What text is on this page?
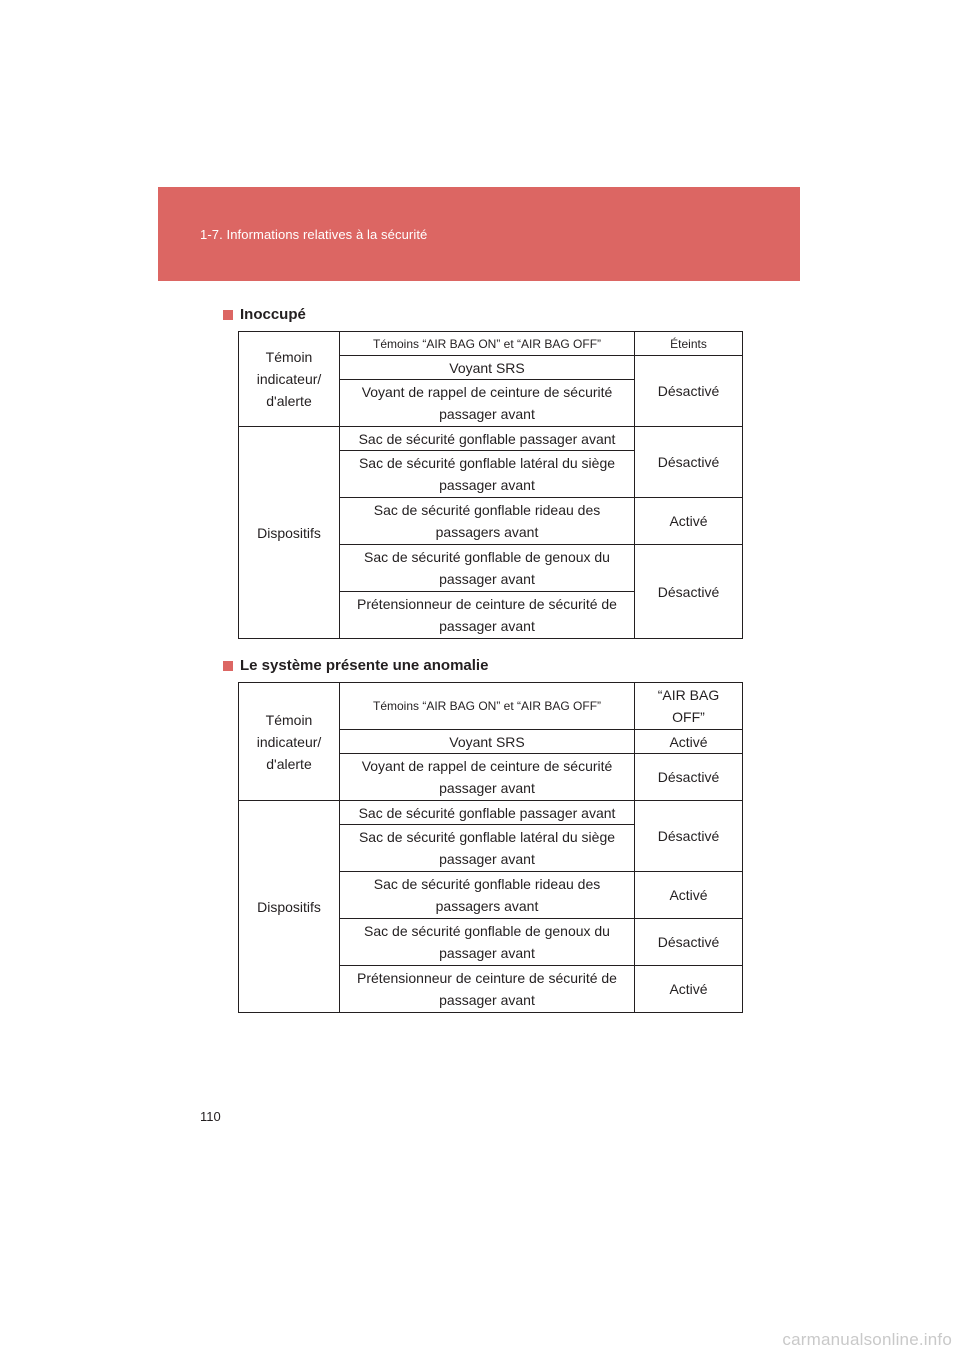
1-7. Informations relatives à la sécurité
Inoccupé
Témoin indicateur/ d'alerte	Témoins “AIR BAG ON” et “AIR BAG OFF”	Éteints
	Voyant SRS	Désactivé
	Voyant de rappel de ceinture de sécurité passager avant	
Dispositifs	Sac de sécurité gonflable passager avant	Désactivé
	Sac de sécurité gonflable latéral du siège passager avant	
	Sac de sécurité gonflable rideau des passagers avant	Activé
	Sac de sécurité gonflable de genoux du passager avant	Désactivé
	Prétensionneur de ceinture de sécurité de passager avant	
Le système présente une anomalie
Témoin indicateur/ d'alerte	Témoins “AIR BAG ON” et “AIR BAG OFF”	“AIR BAG OFF”
	Voyant SRS	Activé
	Voyant de rappel de ceinture de sécurité passager avant	Désactivé
Dispositifs	Sac de sécurité gonflable passager avant	Désactivé
	Sac de sécurité gonflable latéral du siège passager avant	
	Sac de sécurité gonflable rideau des passagers avant	Activé
	Sac de sécurité gonflable de genoux du passager avant	Désactivé
	Prétensionneur de ceinture de sécurité de passager avant	Activé
110
carmanualsonline.info
